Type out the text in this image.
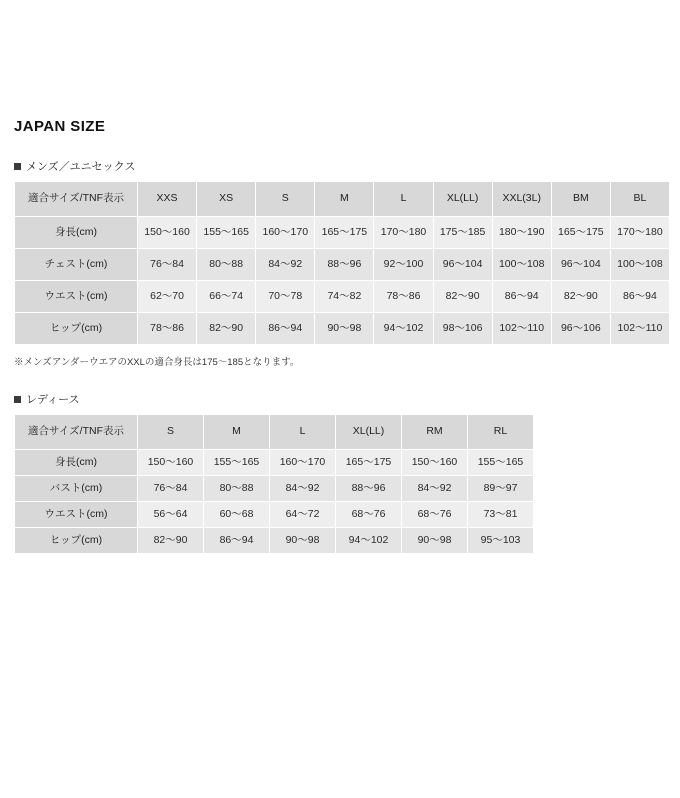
JAPAN SIZE
メンズ／ユニセックス
適合サイズ/TNF表示	XXS	XS	S	M	L	XL(LL)	XXL(3L)	BM	BL
身長(cm)	150〜160	155〜165	160〜170	165〜175	170〜180	175〜185	180〜190	165〜175	170〜180
チェスト(cm)	76〜84	80〜88	84〜92	88〜96	92〜100	96〜104	100〜108	96〜104	100〜108
ウエスト(cm)	62〜70	66〜74	70〜78	74〜82	78〜86	82〜90	86〜94	82〜90	86〜94
ヒップ(cm)	78〜86	82〜90	86〜94	90〜98	94〜102	98〜106	102〜110	96〜106	102〜110

※メンズアンダーウエアのXXLの適合身長は175〜185となります。

レディース
適合サイズ/TNF表示	S	M	L	XL(LL)	RM	RL
身長(cm)	150〜160	155〜165	160〜170	165〜175	150〜160	155〜165
バスト(cm)	76〜84	80〜88	84〜92	88〜96	84〜92	89〜97
ウエスト(cm)	56〜64	60〜68	64〜72	68〜76	68〜76	73〜81
ヒップ(cm)	82〜90	86〜94	90〜98	94〜102	90〜98	95〜103
